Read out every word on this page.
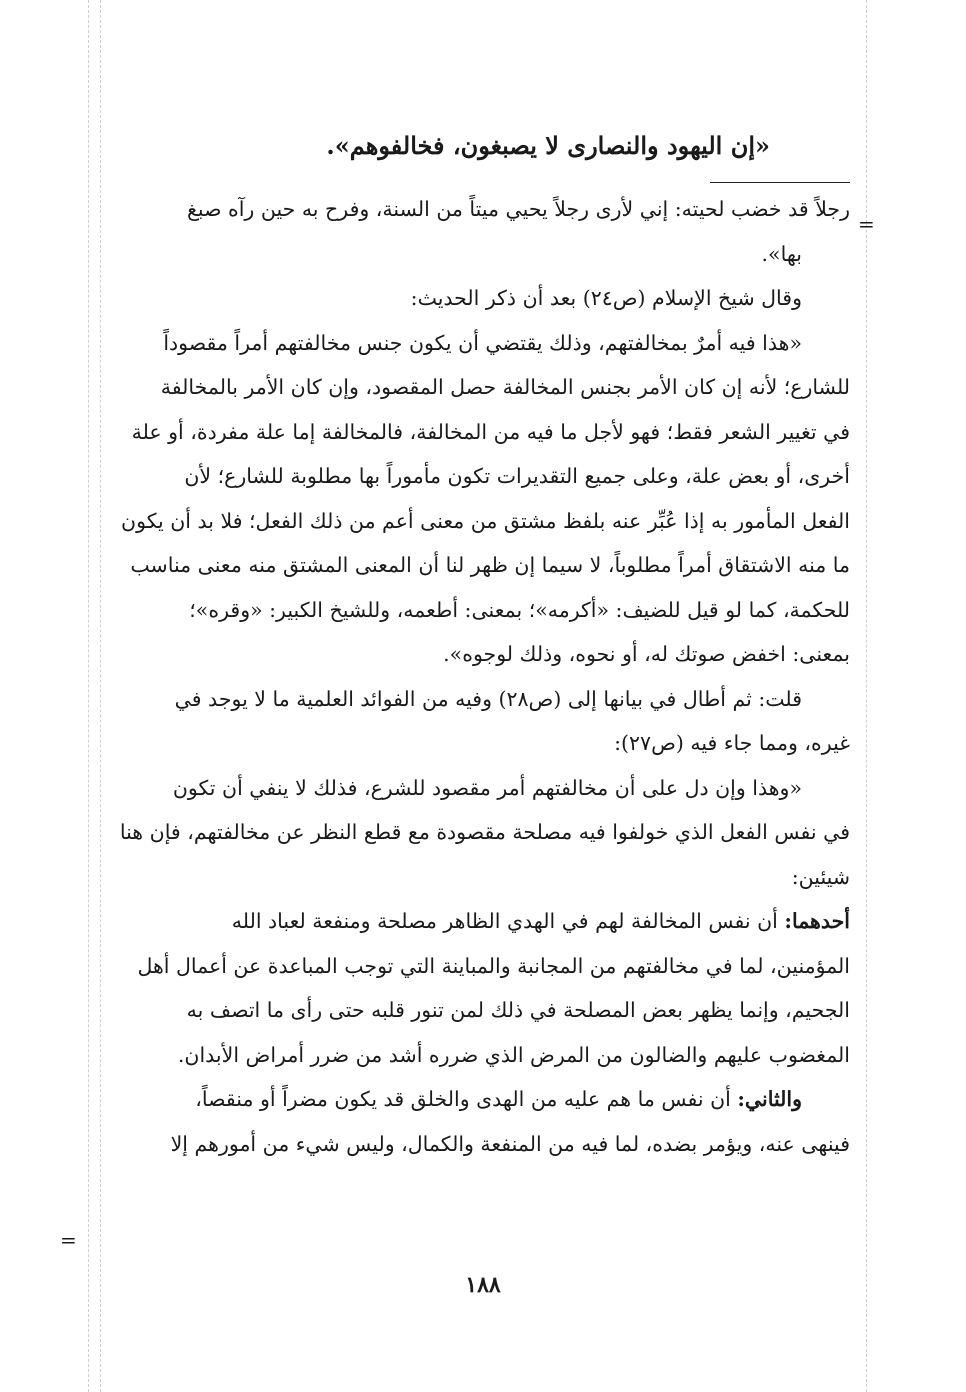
=
«إن اليهود والنصارى لا يصبغون، فخالفوهم».
رجلاً قد خضب لحيته: إني لأرى رجلاً يحيي ميتاً من السنة، وفرح به حين رآه صبغ
بها».
وقال شيخ الإسلام (ص٢٤) بعد أن ذكر الحديث:
«هذا فيه أمرٌ بمخالفتهم، وذلك يقتضي أن يكون جنس مخالفتهم أمراً مقصوداً
للشارع؛ لأنه إن كان الأمر بجنس المخالفة حصل المقصود، وإن كان الأمر بالمخالفة
في تغيير الشعر فقط؛ فهو لأجل ما فيه من المخالفة، فالمخالفة إما علة مفردة، أو علة
أخرى، أو بعض علة، وعلى جميع التقديرات تكون مأموراً بها مطلوبة للشارع؛ لأن
الفعل المأمور به إذا عُبِّر عنه بلفظ مشتق من معنى أعم من ذلك الفعل؛ فلا بد أن يكون
ما منه الاشتقاق أمراً مطلوباً، لا سيما إن ظهر لنا أن المعنى المشتق منه معنى مناسب
للحكمة، كما لو قيل للضيف: «أكرمه»؛ بمعنى: أطعمه، وللشيخ الكبير: «وقره»؛
بمعنى: اخفض صوتك له، أو نحوه، وذلك لوجوه».
قلت: ثم أطال في بيانها إلى (ص٢٨) وفيه من الفوائد العلمية ما لا يوجد في
غيره، ومما جاء فيه (ص٢٧):
«وهذا وإن دل على أن مخالفتهم أمر مقصود للشرع، فذلك لا ينفي أن تكون
في نفس الفعل الذي خولفوا فيه مصلحة مقصودة مع قطع النظر عن مخالفتهم، فإن هنا
شيئين:
أحدهما: أن نفس المخالفة لهم في الهدي الظاهر مصلحة ومنفعة لعباد الله
المؤمنين، لما في مخالفتهم من المجانبة والمباينة التي توجب المباعدة عن أعمال أهل
الجحيم، وإنما يظهر بعض المصلحة في ذلك لمن تنور قلبه حتى رأى ما اتصف به
المغضوب عليهم والضالون من المرض الذي ضرره أشد من ضرر أمراض الأبدان.
والثاني: أن نفس ما هم عليه من الهدى والخلق قد يكون مضراً أو منقصاً،
فينهى عنه، ويؤمر بضده، لما فيه من المنفعة والكمال، وليس شيء من أمورهم إلا
=
١٨٨
